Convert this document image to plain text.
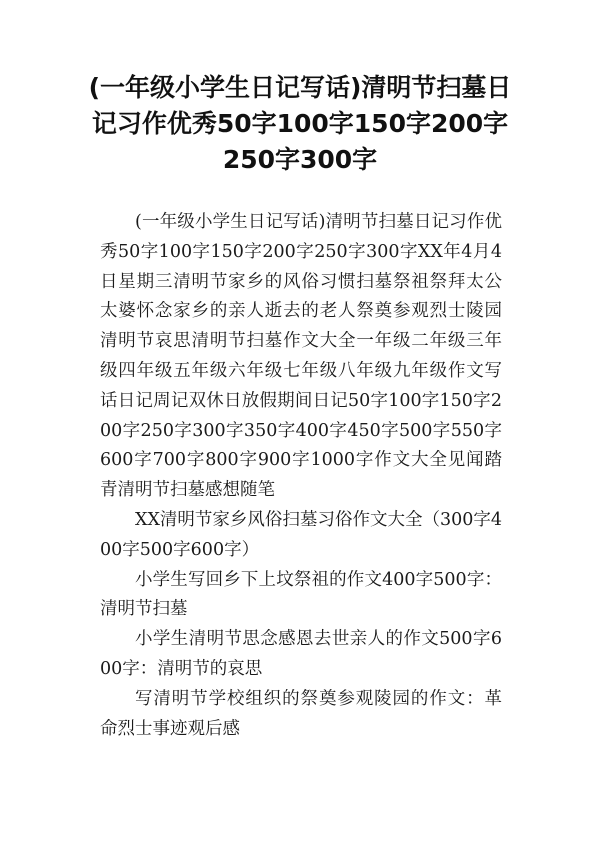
(一年级小学生日记写话)清明节扫墓日记习作优秀50字100字150字200字250字300字

(一年级小学生日记写话)清明节扫墓日记习作优秀50字100字150字200字250字300字XX年4月4日星期三清明节家乡的风俗习惯扫墓祭祖祭拜太公太婆怀念家乡的亲人逝去的老人祭奠参观烈士陵园清明节哀思清明节扫墓作文大全一年级二年级三年级四年级五年级六年级七年级八年级九年级作文写话日记周记双休日放假期间日记50字100字150字200字250字300字350字400字450字500字550字600字700字800字900字1000字作文大全见闻踏青清明节扫墓感想随笔

XX清明节家乡风俗扫墓习俗作文大全（300字400字500字600字）

小学生写回乡下上坟祭祖的作文400字500字：清明节扫墓

小学生清明节思念感恩去世亲人的作文500字600字：清明节的哀思

写清明节学校组织的祭奠参观陵园的作文：革命烈士事迹观后感
